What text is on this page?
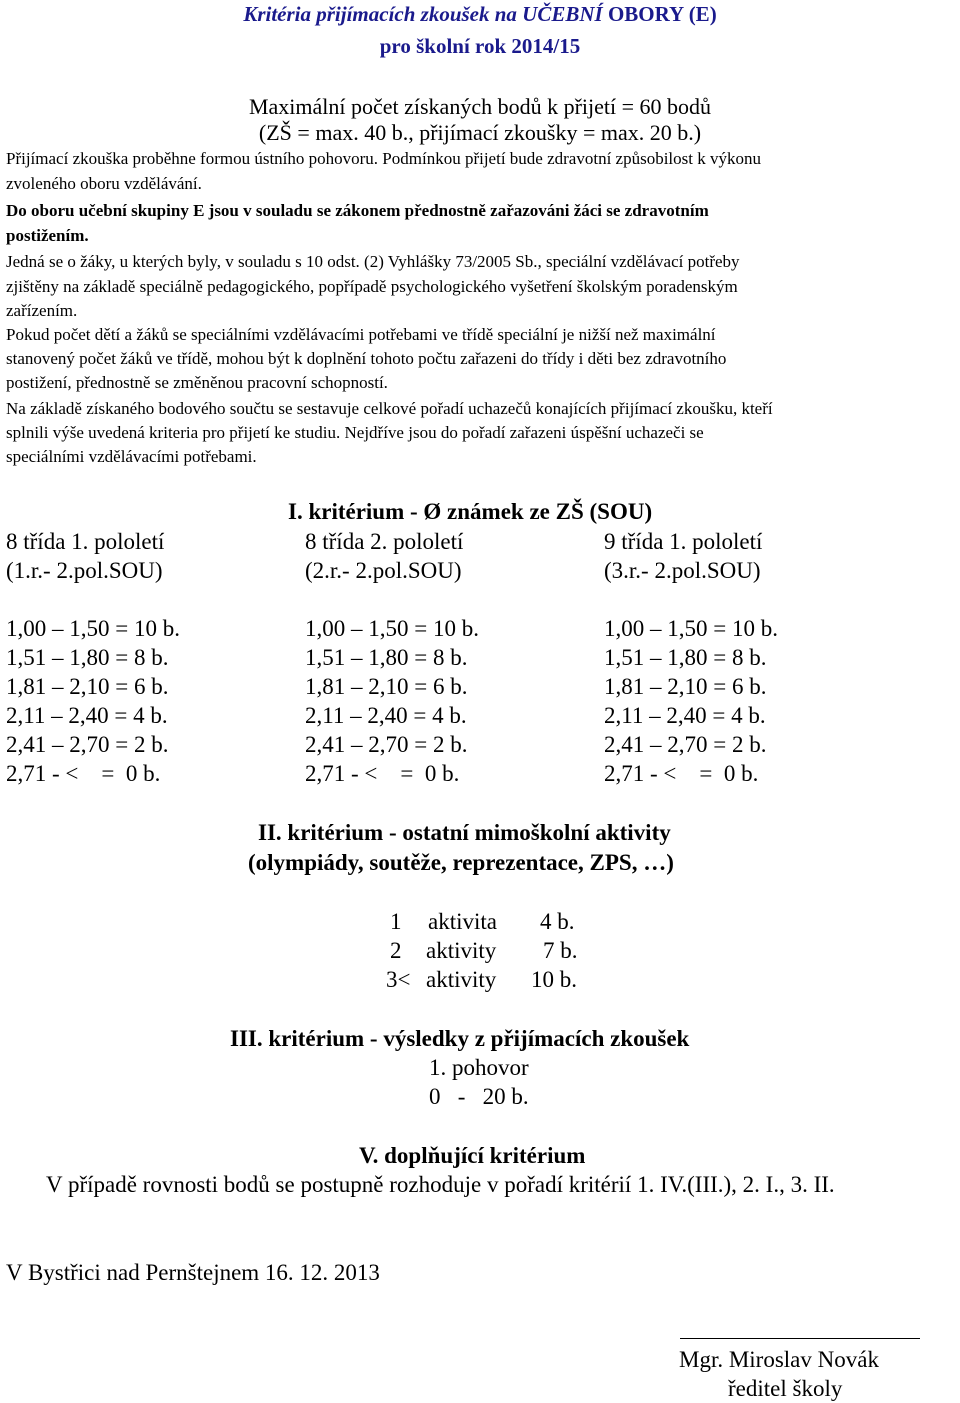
Kritéria přijímacích zkoušek na UČEBNÍ OBORY (E)
pro školní rok 2014/15
Maximální počet získaných bodů k přijetí = 60 bodů
(ZŠ = max. 40 b., přijímací zkoušky = max. 20 b.)
Přijímací zkouška proběhne formou ústního pohovoru. Podmínkou přijetí bude zdravotní způsobilost k výkonu
zvoleného oboru vzdělávání.
Do oboru učební skupiny E jsou v souladu se zákonem přednostně zařazováni žáci se zdravotním
postižením.
Jedná se o žáky, u kterých byly, v souladu s 10 odst. (2) Vyhlášky 73/2005 Sb., speciální vzdělávací potřeby
zjištěny na základě speciálně pedagogického, popřípadě psychologického vyšetření školským poradenským
zařízením.
Pokud počet dětí a žáků se speciálními vzdělávacími potřebami ve třídě speciální je nižší než maximální
stanovený počet žáků ve třídě, mohou být k doplnění tohoto počtu zařazeni do třídy i děti bez zdravotního
postižení, přednostně se změněnou pracovní schopností.
Na základě získaného bodového součtu se sestavuje celkové pořadí uchazečů konajících přijímací zkoušku, kteří
splnili výše uvedená kriteria pro přijetí ke studiu. Nejdříve jsou do pořadí zařazeni úspěšní uchazeči se
speciálními vzdělávacími potřebami.
I. kritérium - Ø známek ze ZŠ (SOU)
8 třída 1. pololetí
(1.r.- 2.pol.SOU)
1,00 – 1,50 = 10 b.
1,51 – 1,80 = 8 b.
1,81 – 2,10 = 6 b.
2,11 – 2,40 = 4 b.
2,41 – 2,70 = 2 b.
2,71 - <    =  0 b.
8 třída 2. pololetí
(2.r.- 2.pol.SOU)
1,00 – 1,50 = 10 b.
1,51 – 1,80 = 8 b.
1,81 – 2,10 = 6 b.
2,11 – 2,40 = 4 b.
2,41 – 2,70 = 2 b.
2,71 - <    =  0 b.
9 třída 1. pololetí
(3.r.- 2.pol.SOU)
1,00 – 1,50 = 10 b.
1,51 – 1,80 = 8 b.
1,81 – 2,10 = 6 b.
2,11 – 2,40 = 4 b.
2,41 – 2,70 = 2 b.
2,71 - <    =  0 b.
II. kritérium - ostatní mimoškolní aktivity
(olympiády, soutěže, reprezentace, ZPS, …)
1 aktivita 4 b.
2 aktivity 7 b.
3< aktivity 10 b.
III. kritérium - výsledky z přijímacích zkoušek
1. pohovor
0   -   20 b.
V. doplňující kritérium
V případě rovnosti bodů se postupně rozhoduje v pořadí kritérií 1. IV.(III.), 2. I., 3. II.
V Bystřici nad Pernštejnem 16. 12. 2013
Mgr. Miroslav Novák
ředitel školy
